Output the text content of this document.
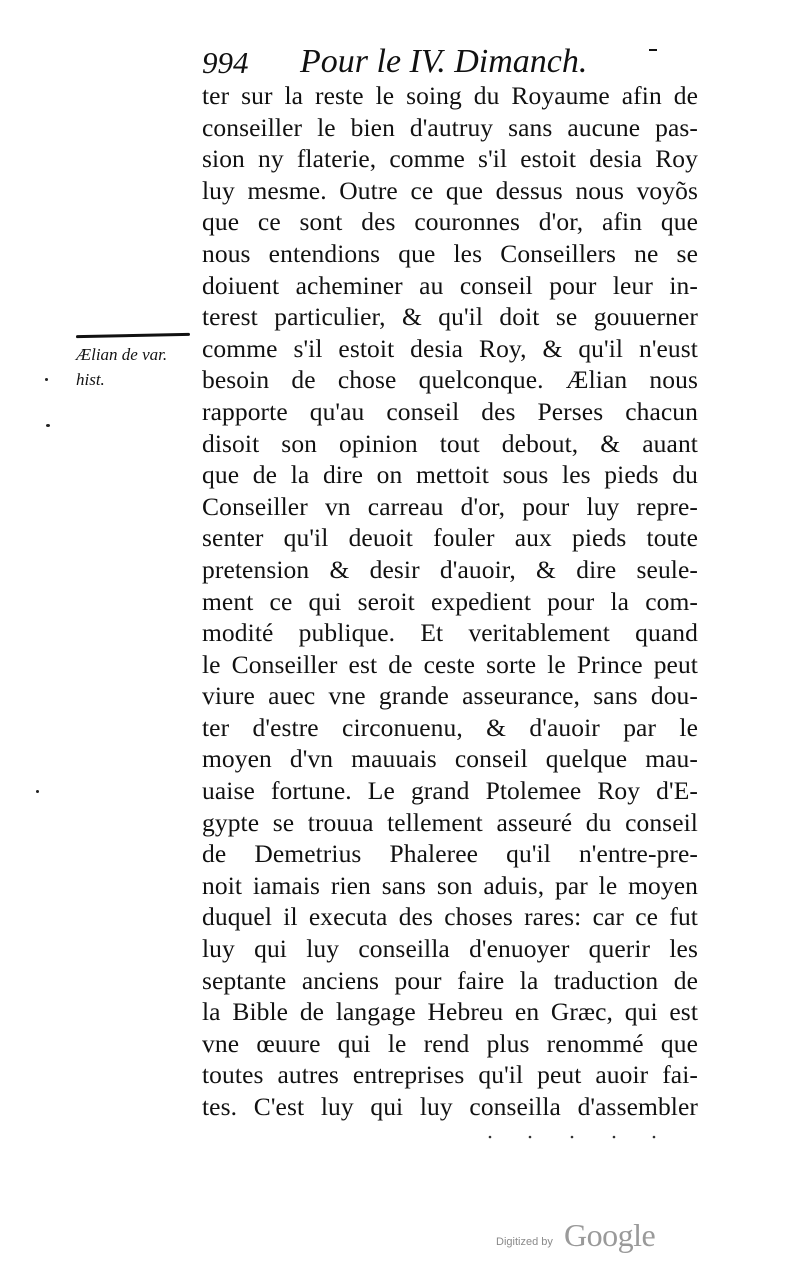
994 Pour le IV. Dimanch.
Ælian de var.
hist.
ter sur la reste le soing du Royaume afin de
conseiller le bien d'autruy sans aucune pas-
sion ny flaterie, comme s'il estoit desia Roy
luy mesme. Outre ce que dessus nous voyõs
que ce sont des couronnes d'or, afin que
nous entendions que les Conseillers ne se
doiuent acheminer au conseil pour leur in-
terest particulier, & qu'il doit se gouuerner
comme s'il estoit desia Roy, & qu'il n'eust
besoin de chose quelconque. Ælian nous
rapporte qu'au conseil des Perses chacun
disoit son opinion tout debout, & auant
que de la dire on mettoit sous les pieds du
Conseiller vn carreau d'or, pour luy repre-
senter qu'il deuoit fouler aux pieds toute
pretension & desir d'auoir, & dire seule-
ment ce qui seroit expedient pour la com-
modité publique. Et veritablement quand
le Conseiller est de ceste sorte le Prince peut
viure auec vne grande asseurance, sans dou-
ter d'estre circonuenu, & d'auoir par le
moyen d'vn mauuais conseil quelque mau-
uaise fortune. Le grand Ptolemee Roy d'E-
gypte se trouua tellement asseuré du conseil
de Demetrius Phaleree qu'il n'entre-pre-
noit iamais rien sans son aduis, par le moyen
duquel il executa des choses rares: car ce fut
luy qui luy conseilla d'enuoyer querir les
septante anciens pour faire la traduction de
la Bible de langage Hebreu en Græc, qui est
vne œuure qui le rend plus renommé que
toutes autres entreprises qu'il peut auoir fai-
tes. C'est luy qui luy conseilla d'assembler
Digitized by Google
